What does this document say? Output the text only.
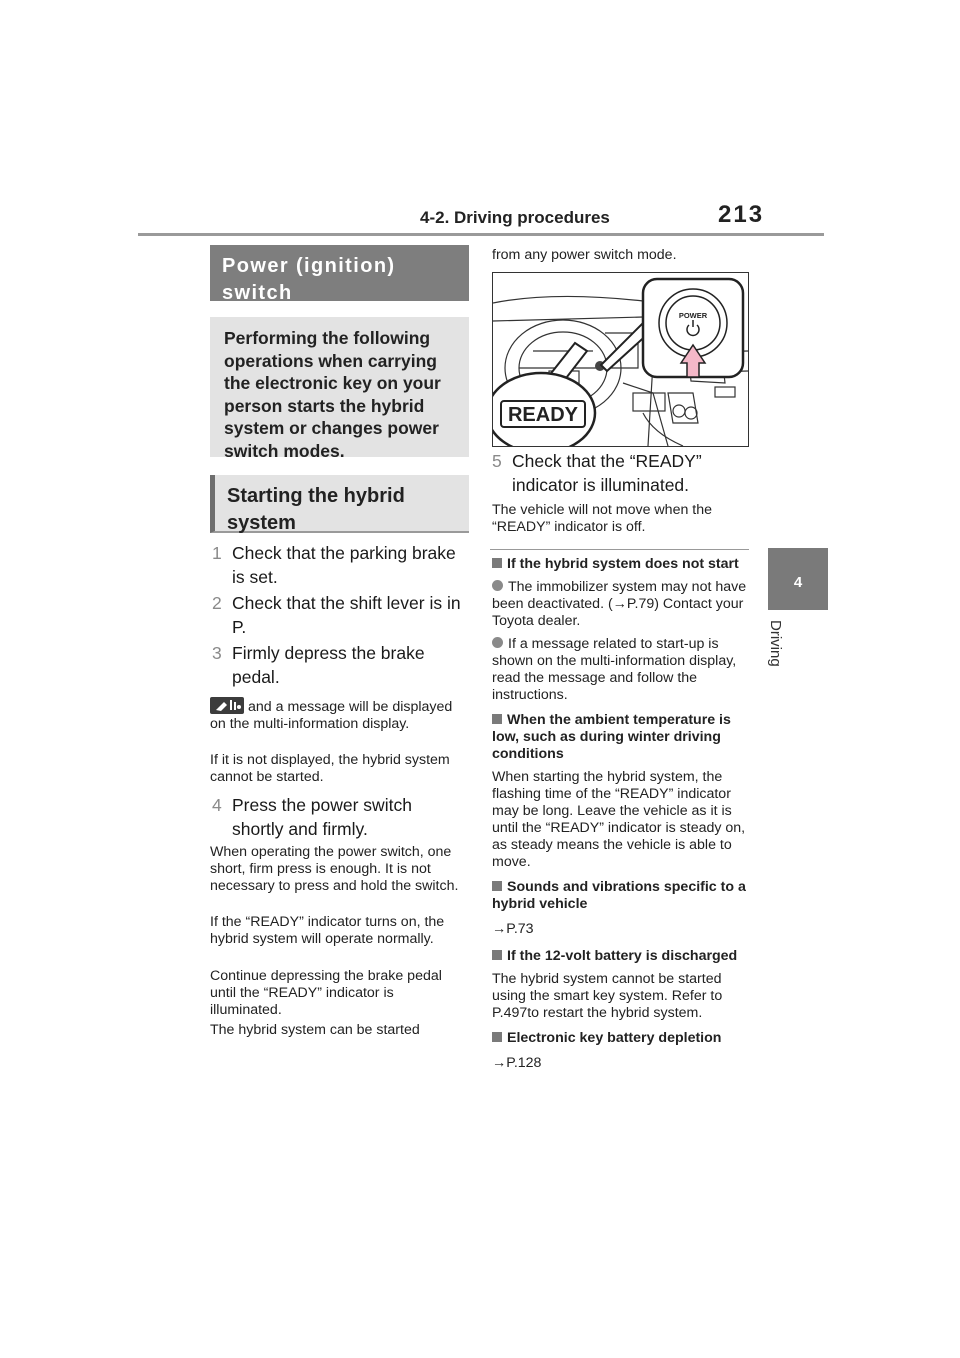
4-2. Driving procedures	213
4
Driving
Power (ignition) switch
Performing the following operations when carrying the electronic key on your person starts the hybrid system or changes power switch modes.
Starting the hybrid system
1 Check that the parking brake is set.
2 Check that the shift lever is in P.
3 Firmly depress the brake pedal.
and a message will be displayed on the multi-information display.
If it is not displayed, the hybrid system cannot be started.
4 Press the power switch shortly and firmly.
When operating the power switch, one short, firm press is enough. It is not necessary to press and hold the switch.
If the “READY” indicator turns on, the hybrid system will operate normally.
Continue depressing the brake pedal until the “READY” indicator is illuminated.
The hybrid system can be started
from any power switch mode.
READY
POWER
5 Check that the “READY” indicator is illuminated.
The vehicle will not move when the “READY” indicator is off.
If the hybrid system does not start
The immobilizer system may not have been deactivated. (→P.79) Contact your Toyota dealer.
If a message related to start-up is shown on the multi-information display, read the message and follow the instructions.
When the ambient temperature is low, such as during winter driving conditions
When starting the hybrid system, the flashing time of the “READY” indicator may be long. Leave the vehicle as it is until the “READY” indicator is steady on, as steady means the vehicle is able to move.
Sounds and vibrations specific to a hybrid vehicle
→P.73
If the 12-volt battery is discharged
The hybrid system cannot be started using the smart key system. Refer to P.497to restart the hybrid system.
Electronic key battery depletion
→P.128
